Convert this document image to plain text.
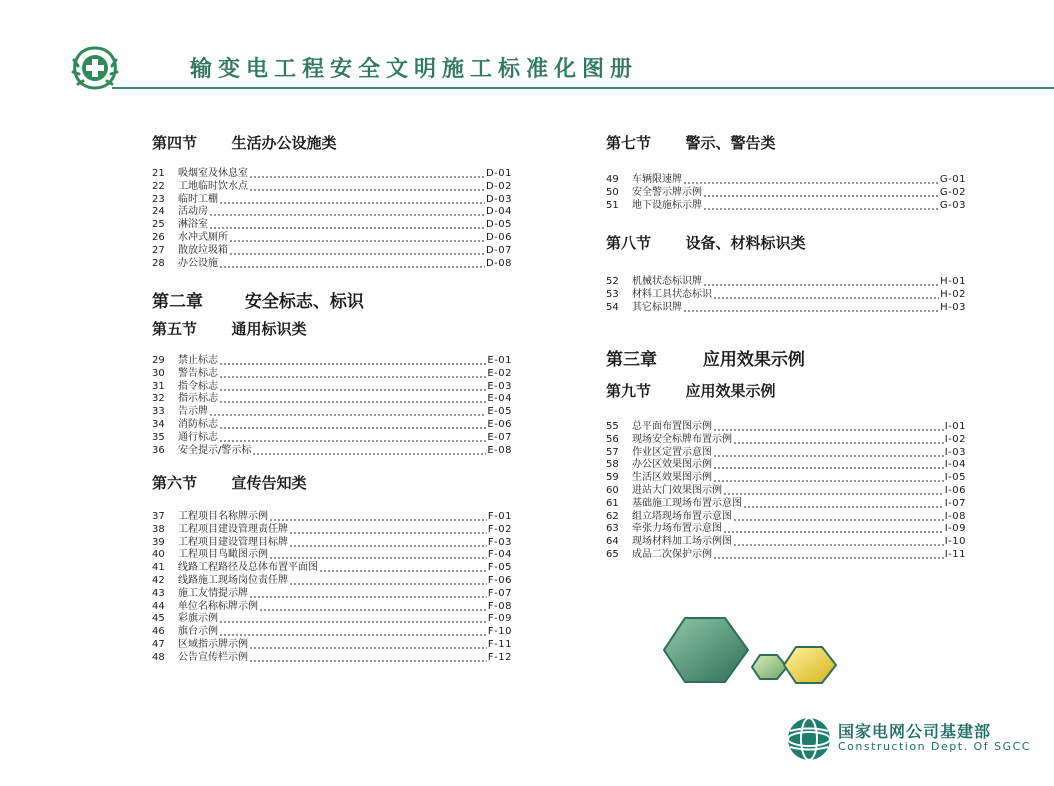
输变电工程安全文明施工标准化图册
第四节 生活办公设施类
21	吸烟室及休息室	D-01
22	工地临时饮水点	D-02
23	临时工棚	D-03
24	活动房	D-04
25	淋浴室	D-05
26	水冲式厕所	D-06
27	散放垃圾箱	D-07
28	办公设施	D-08
第二章 安全标志、标识
第五节 通用标识类
29	禁止标志	E-01
30	警告标志	E-02
31	指令标志	E-03
32	指示标志	E-04
33	告示牌	E-05
34	消防标志	E-06
35	通行标志	E-07
36	安全提示/警示标	E-08
第六节 宣传告知类
37	工程项目名称牌示例	F-01
38	工程项目建设管理责任牌	F-02
39	工程项目建设管理目标牌	F-03
40	工程项目鸟瞰图示例	F-04
41	线路工程路径及总体布置平面图	F-05
42	线路施工现场岗位责任牌	F-06
43	施工友情提示牌	F-07
44	单位名称标牌示例	F-08
45	彩旗示例	F-09
46	旗台示例	F-10
47	区域指示牌示例	F-11
48	公告宣传栏示例	F-12
第七节 警示、警告类
49	车辆限速牌	G-01
50	安全警示牌示例	G-02
51	地下设施标示牌	G-03
第八节 设备、材料标识类
52	机械状态标识牌	H-01
53	材料工具状态标识	H-02
54	其它标识牌	H-03
第三章	应用效果示例
第九节 应用效果示例
55	总平面布置图示例	I-01
56	现场安全标牌布置示例	I-02
57	作业区定置示意图	I-03
58	办公区效果图示例	I-04
59	生活区效果图示例	I-05
60	进站大门效果图示例	I-06
61	基础施工现场布置示意图	I-07
62	组立塔现场布置示意图	I-08
63	牵张力场布置示意图	I-09
64	现场材料加工场示例图	I-10
65	成品二次保护示例	I-11
国家电网公司基建部
Construction Dept. Of SGCC
